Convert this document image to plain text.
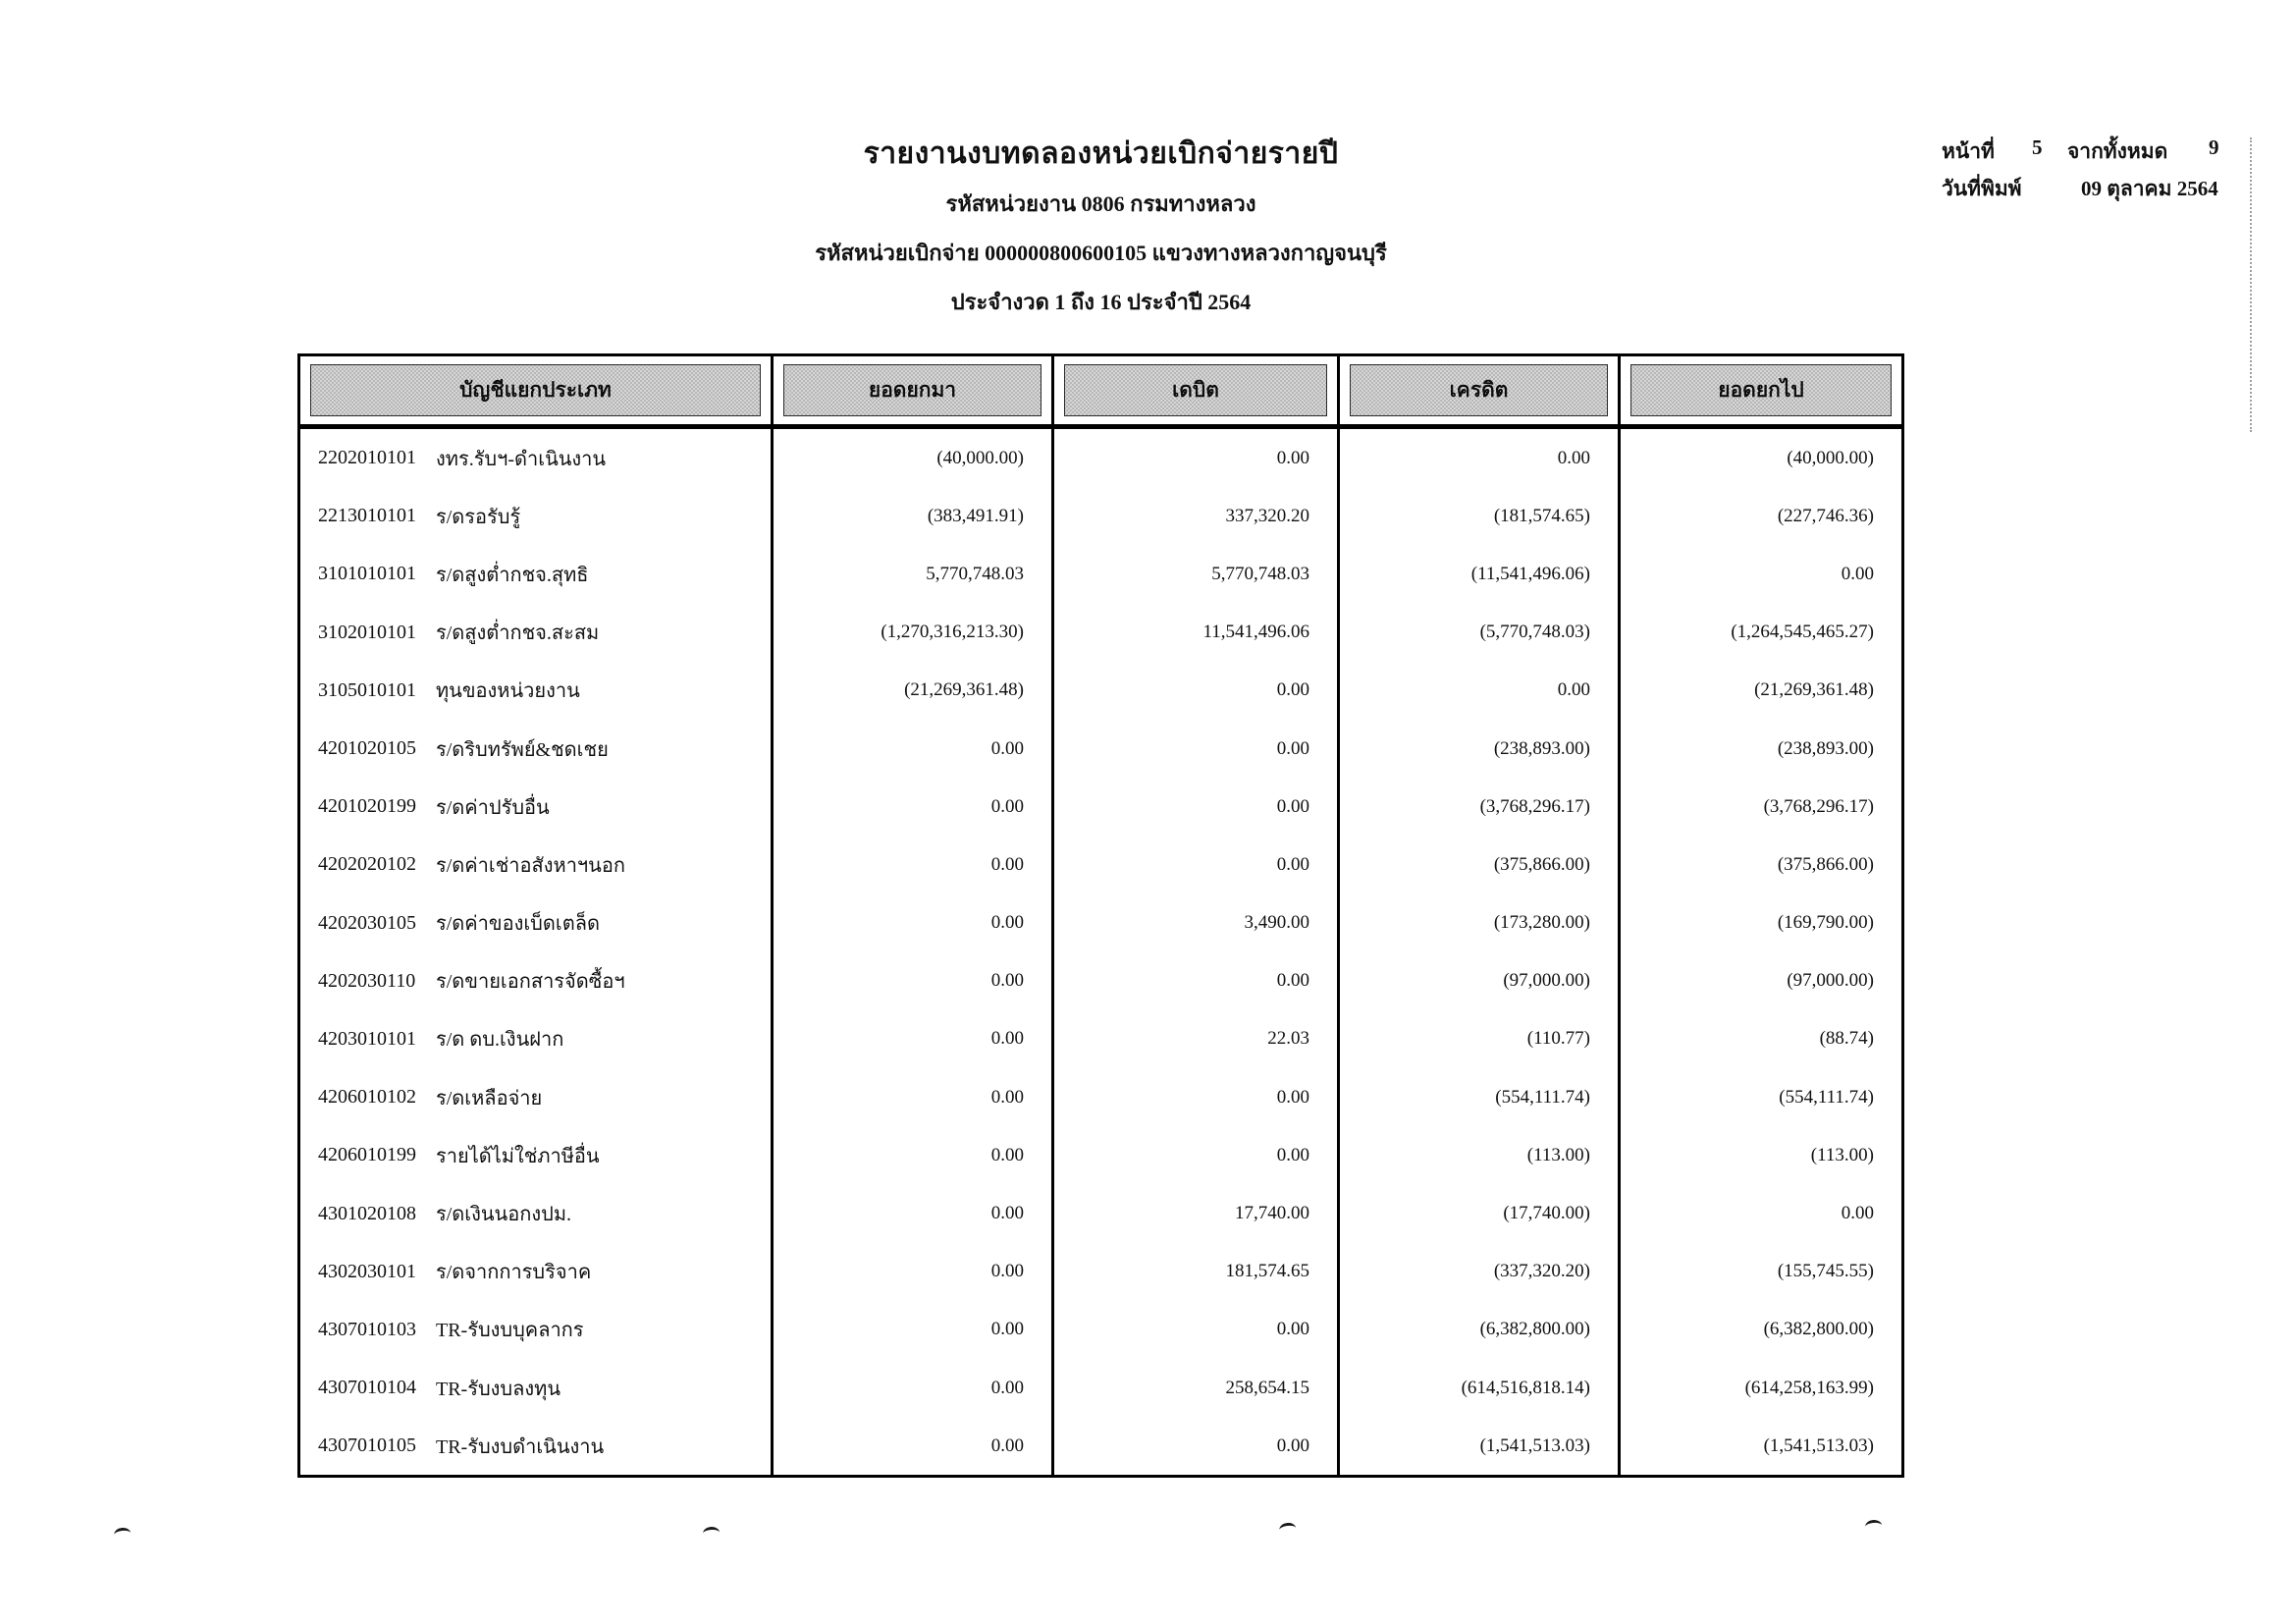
รายงานงบทดลองหน่วยเบิกจ่ายรายปี
รหัสหน่วยงาน 0806 กรมทางหลวง
รหัสหน่วยเบิกจ่าย 000000800600105 แขวงทางหลวงกาญจนบุรี
ประจำงวด 1 ถึง 16 ประจำปี 2564
หน้าที่ 5 จากทั้งหมด 9
วันที่พิมพ์	09 ตุลาคม 2564
บัญชีแยกประเภท	ยอดยกมา	เดบิต	เครดิต	ยอดยกไป
2202010101	งทร.รับฯ-ดำเนินงาน	(40,000.00)	0.00	0.00	(40,000.00)
2213010101	ร/ดรอรับรู้	(383,491.91)	337,320.20	(181,574.65)	(227,746.36)
3101010101	ร/ดสูงต่ำกชจ.สุทธิ	5,770,748.03	5,770,748.03	(11,541,496.06)	0.00
3102010101	ร/ดสูงต่ำกชจ.สะสม	(1,270,316,213.30)	11,541,496.06	(5,770,748.03)	(1,264,545,465.27)
3105010101	ทุนของหน่วยงาน	(21,269,361.48)	0.00	0.00	(21,269,361.48)
4201020105	ร/ดริบทรัพย์&ชดเชย	0.00	0.00	(238,893.00)	(238,893.00)
4201020199	ร/ดค่าปรับอื่น	0.00	0.00	(3,768,296.17)	(3,768,296.17)
4202020102	ร/ดค่าเช่าอสังหาฯนอก	0.00	0.00	(375,866.00)	(375,866.00)
4202030105	ร/ดค่าของเบ็ดเตล็ด	0.00	3,490.00	(173,280.00)	(169,790.00)
4202030110	ร/ดขายเอกสารจัดซื้อฯ	0.00	0.00	(97,000.00)	(97,000.00)
4203010101	ร/ด ดบ.เงินฝาก	0.00	22.03	(110.77)	(88.74)
4206010102	ร/ดเหลือจ่าย	0.00	0.00	(554,111.74)	(554,111.74)
4206010199	รายได้ไม่ใช่ภาษีอื่น	0.00	0.00	(113.00)	(113.00)
4301020108	ร/ดเงินนอกงปม.	0.00	17,740.00	(17,740.00)	0.00
4302030101	ร/ดจากการบริจาค	0.00	181,574.65	(337,320.20)	(155,745.55)
4307010103	TR-รับงบบุคลากร	0.00	0.00	(6,382,800.00)	(6,382,800.00)
4307010104	TR-รับงบลงทุน	0.00	258,654.15	(614,516,818.14)	(614,258,163.99)
4307010105	TR-รับงบดำเนินงาน	0.00	0.00	(1,541,513.03)	(1,541,513.03)
